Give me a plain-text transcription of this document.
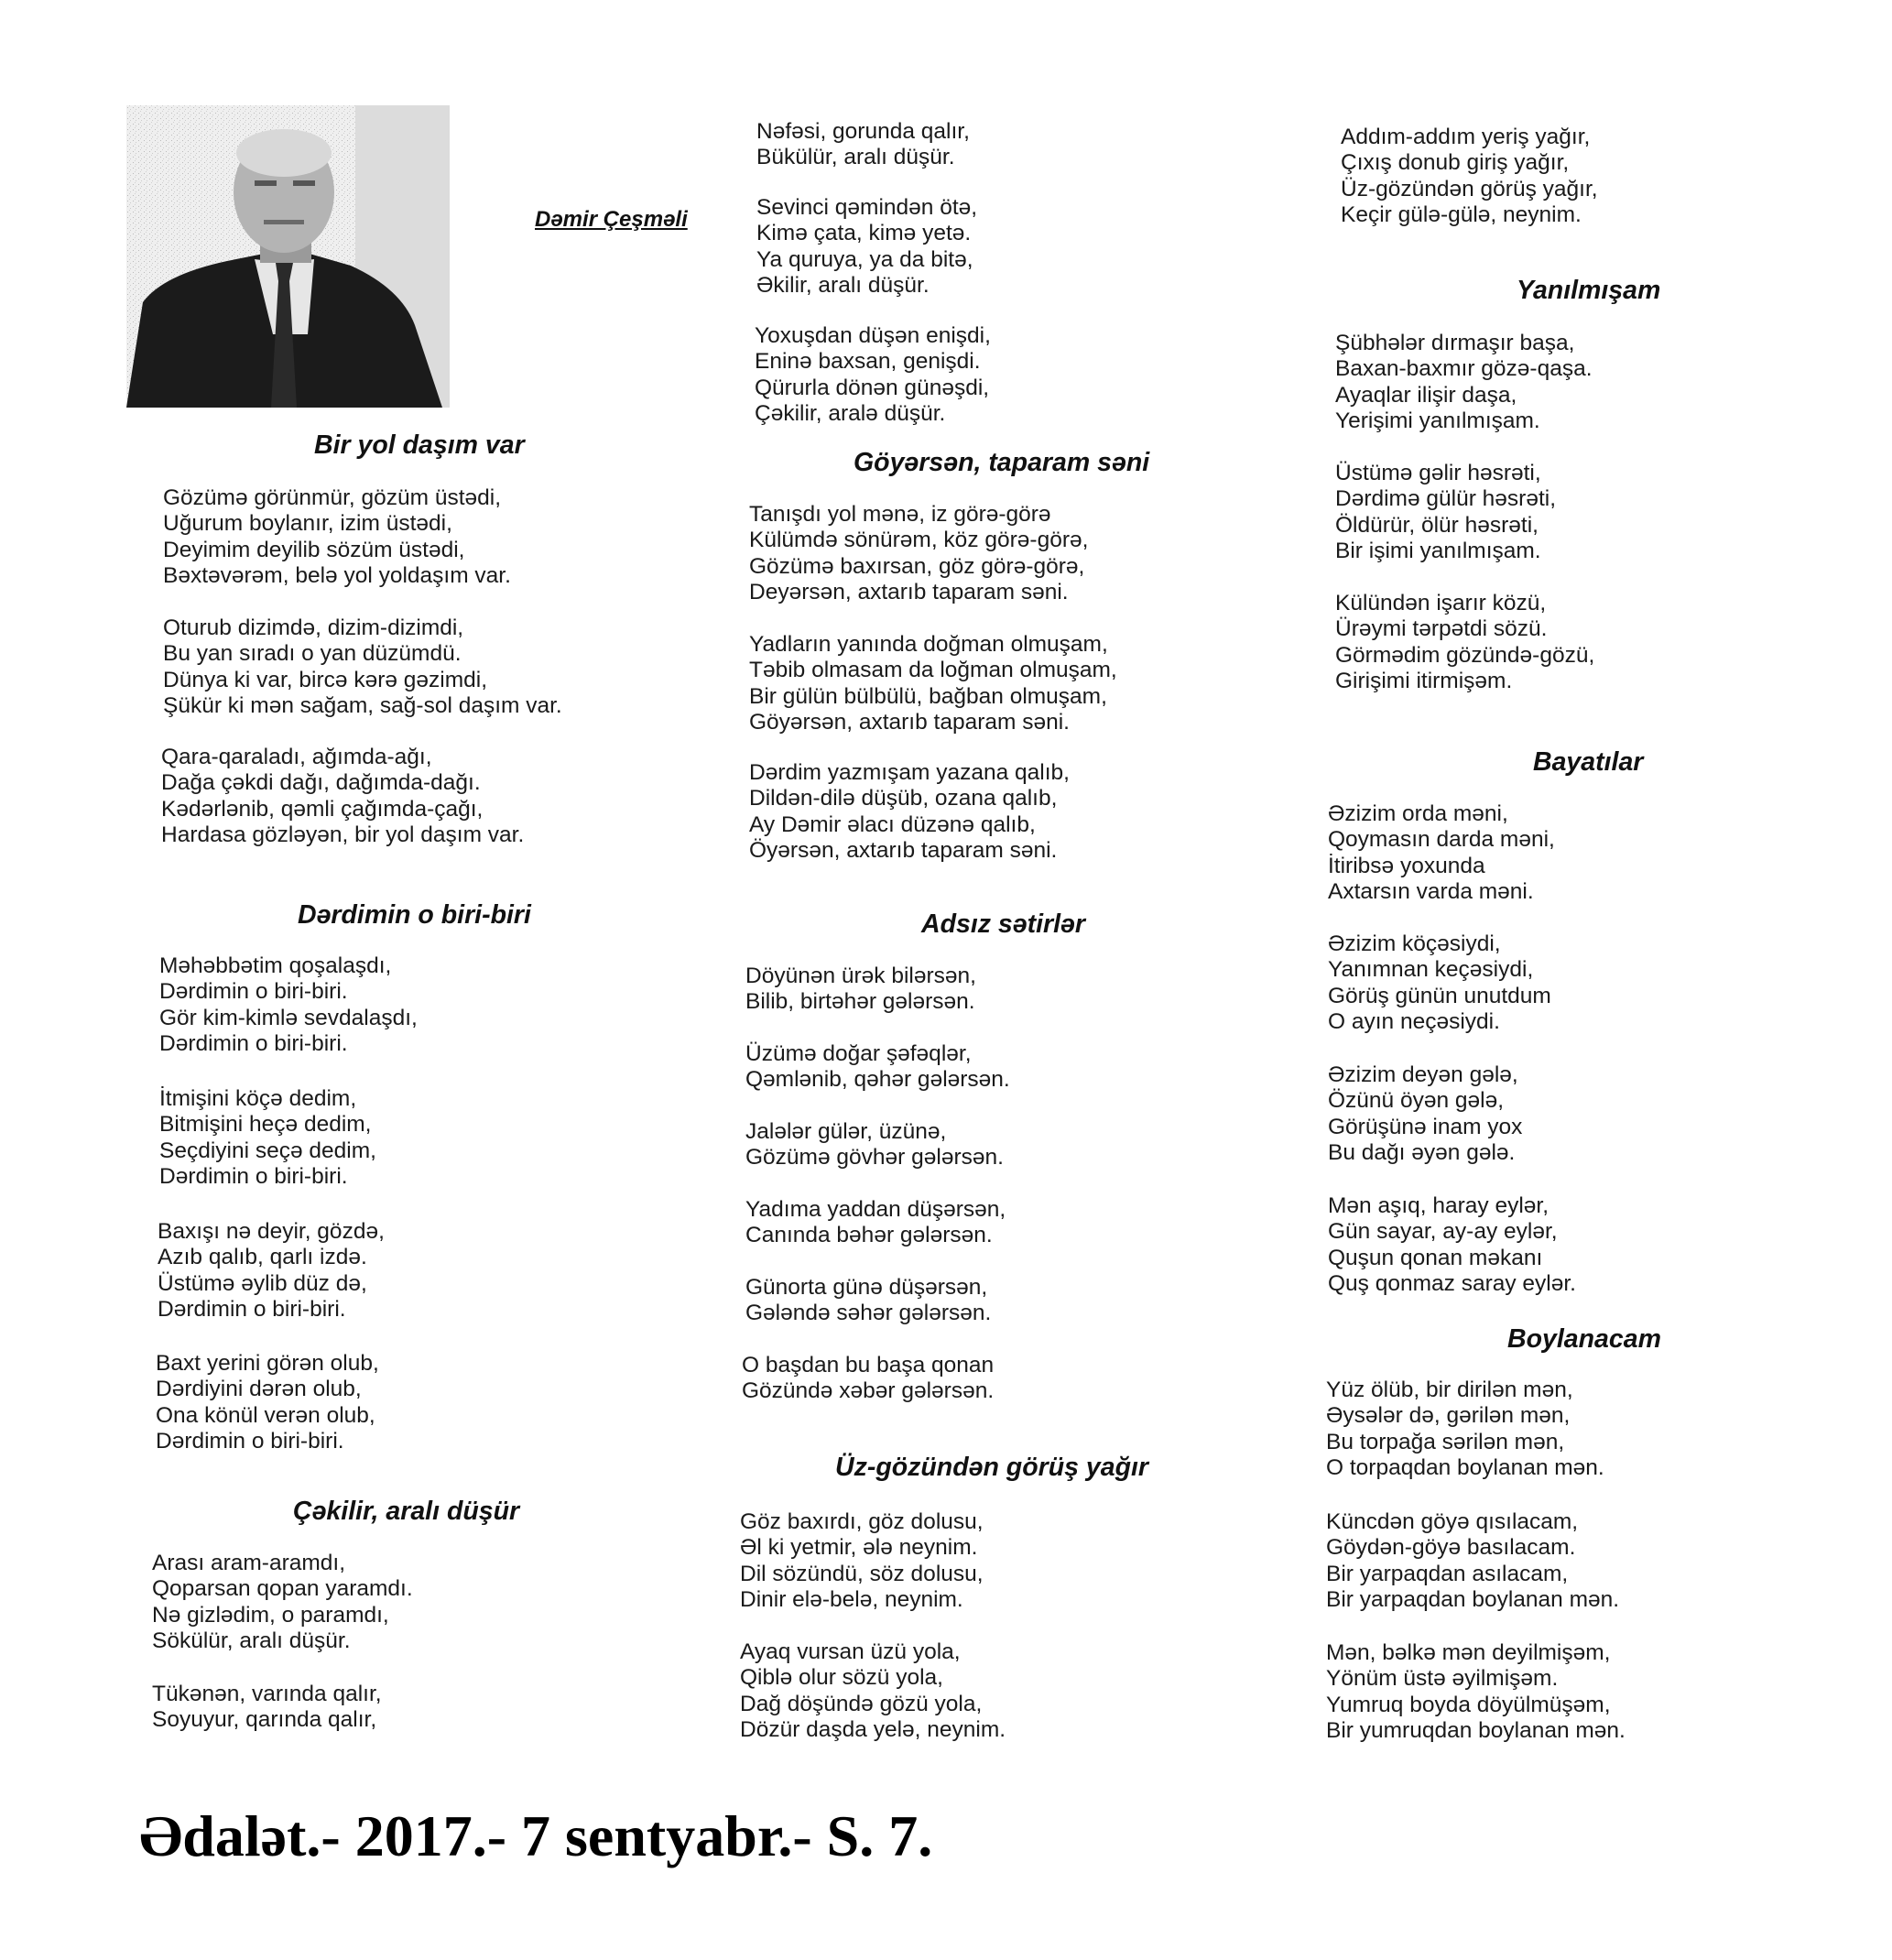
Dəmir Çeşməli
Bir yol daşım var
Gözümə görünmür, gözüm üstədi,
Uğurum boylanır, izim üstədi,
Deyimim deyilib sözüm üstədi,
Bəxtəvərəm, belə yol yoldaşım var.
Oturub dizimdə, dizim-dizimdi,
Bu yan sıradı o yan düzümdü.
Dünya ki var, bircə kərə gəzimdi,
Şükür ki mən sağam, sağ-sol daşım var.
Qara-qaraladı, ağımda-ağı,
Dağa çəkdi dağı, dağımda-dağı.
Kədərlənib, qəmli çağımda-çağı,
Hardasa gözləyən, bir yol daşım var.
Dərdimin o biri-biri
Məhəbbətim qoşalaşdı,
Dərdimin o biri-biri.
Gör kim-kimlə sevdalaşdı,
Dərdimin o biri-biri.
İtmişini köçə dedim,
Bitmişini heçə dedim,
Seçdiyini seçə dedim,
Dərdimin o biri-biri.
Baxışı nə deyir, gözdə,
Azıb qalıb, qarlı izdə.
Üstümə əylib düz də,
Dərdimin o biri-biri.
Baxt yerini görən olub,
Dərdiyini dərən olub,
Ona könül verən olub,
Dərdimin o biri-biri.
Çəkilir, aralı düşür
Arası aram-aramdı,
Qoparsan qopan yaramdı.
Nə gizlədim, o paramdı,
Sökülür, aralı düşür.
Tükənən, varında qalır,
Soyuyur, qarında qalır,
Nəfəsi, gorunda qalır,
Bükülür, aralı düşür.
Sevinci qəmindən ötə,
Kimə çata, kimə yetə.
Ya quruya, ya da bitə,
Əkilir, aralı düşür.
Yoxuşdan düşən enişdi,
Eninə baxsan, genişdi.
Qürurla dönən günəşdi,
Çəkilir, aralə düşür.
Göyərsən, taparam səni
Tanışdı yol mənə, iz görə-görə
Külümdə sönürəm, köz görə-görə,
Gözümə baxırsan, göz görə-görə,
Deyərsən, axtarıb taparam səni.
Yadların yanında doğman olmuşam,
Təbib olmasam da loğman olmuşam,
Bir gülün bülbülü, bağban olmuşam,
Göyərsən, axtarıb taparam səni.
Dərdim yazmışam yazana qalıb,
Dildən-dilə düşüb, ozana qalıb,
Ay Dəmir əlacı düzənə qalıb,
Öyərsən, axtarıb taparam səni.
Adsız sətirlər
Döyünən ürək bilərsən,
Bilib, birtəhər gələrsən.
Üzümə doğar şəfəqlər,
Qəmlənib, qəhər gələrsən.
Jalələr gülər, üzünə,
Gözümə gövhər gələrsən.
Yadıma yaddan düşərsən,
Canında bəhər gələrsən.
Günorta günə düşərsən,
Gələndə səhər gələrsən.
O başdan bu başa qonan
Gözündə xəbər gələrsən.
Üz-gözündən görüş yağır
Göz baxırdı, göz dolusu,
Əl ki yetmir, ələ neynim.
Dil sözündü, söz dolusu,
Dinir elə-belə, neynim.
Ayaq vursan üzü yola,
Qiblə olur sözü yola,
Dağ döşündə gözü yola,
Dözür daşda yelə, neynim.
Addım-addım yeriş yağır,
Çıxış donub giriş yağır,
Üz-gözündən görüş yağır,
Keçir gülə-gülə, neynim.
Yanılmışam
Şübhələr dırmaşır başa,
Baxan-baxmır gözə-qaşa.
Ayaqlar ilişir daşa,
Yerişimi yanılmışam.
Üstümə gəlir həsrəti,
Dərdimə gülür həsrəti,
Öldürür, ölür həsrəti,
Bir işimi yanılmışam.
Külündən işarır közü,
Ürəymi tərpətdi sözü.
Görmədim gözündə-gözü,
Girişimi itirmişəm.
Bayatılar
Əzizim orda məni,
Qoymasın darda məni,
İtiribsə yoxunda
Axtarsın varda məni.
Əzizim köçəsiydi,
Yanımnan keçəsiydi,
Görüş günün unutdum
O ayın neçəsiydi.
Əzizim deyən gələ,
Özünü öyən gələ,
Görüşünə inam yox
Bu dağı əyən gələ.
Mən aşıq, haray eylər,
Gün sayar, ay-ay eylər,
Quşun qonan məkanı
Quş qonmaz saray eylər.
Boylanacam
Yüz ölüb, bir dirilən mən,
Əysələr də, gərilən mən,
Bu torpağa sərilən mən,
O torpaqdan boylanan mən.
Küncdən göyə qısılacam,
Göydən-göyə basılacam.
Bir yarpaqdan asılacam,
Bir yarpaqdan boylanan mən.
Mən, bəlkə mən deyilmişəm,
Yönüm üstə əyilmişəm.
Yumruq boyda döyülmüşəm,
Bir yumruqdan boylanan mən.
Ədalət.- 2017.- 7 sentyabr.- S. 7.
